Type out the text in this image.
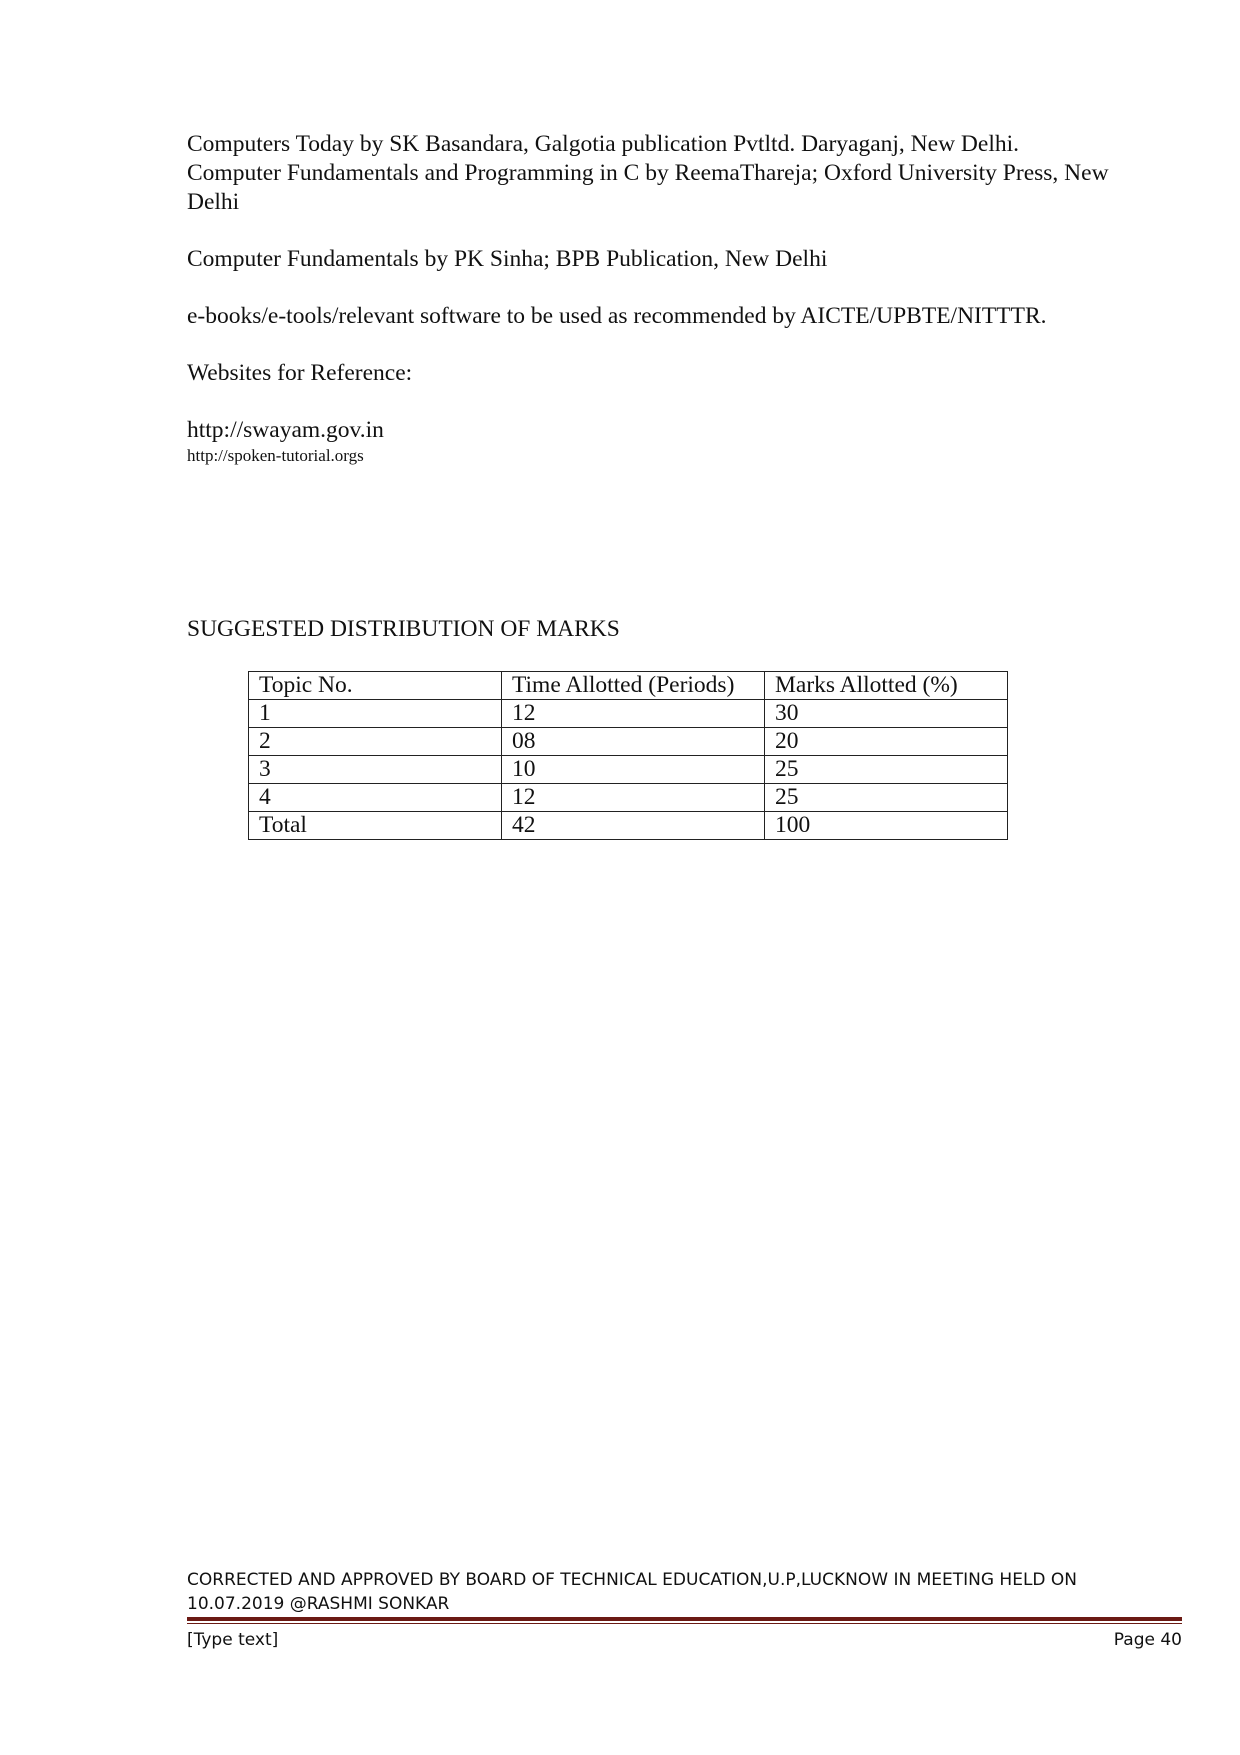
Computers Today by SK Basandara, Galgotia publication Pvtltd. Daryaganj, New Delhi.
Computer Fundamentals and Programming in C by ReemaThareja; Oxford University Press, New
Delhi
Computer Fundamentals by PK Sinha; BPB Publication, New Delhi
e-books/e-tools/relevant software to be used as recommended by AICTE/UPBTE/NITTTR.
Websites for Reference:
http://swayam.gov.in
http://spoken-tutorial.orgs
SUGGESTED DISTRIBUTION OF MARKS
Topic No.	Time Allotted (Periods)	Marks Allotted (%)
1	12	30
2	08	20
3	10	25
4	12	25
Total	42	100
CORRECTED AND APPROVED BY BOARD OF TECHNICAL EDUCATION,U.P,LUCKNOW IN MEETING HELD ON
10.07.2019 @RASHMI SONKAR
[Type text]	Page 40
